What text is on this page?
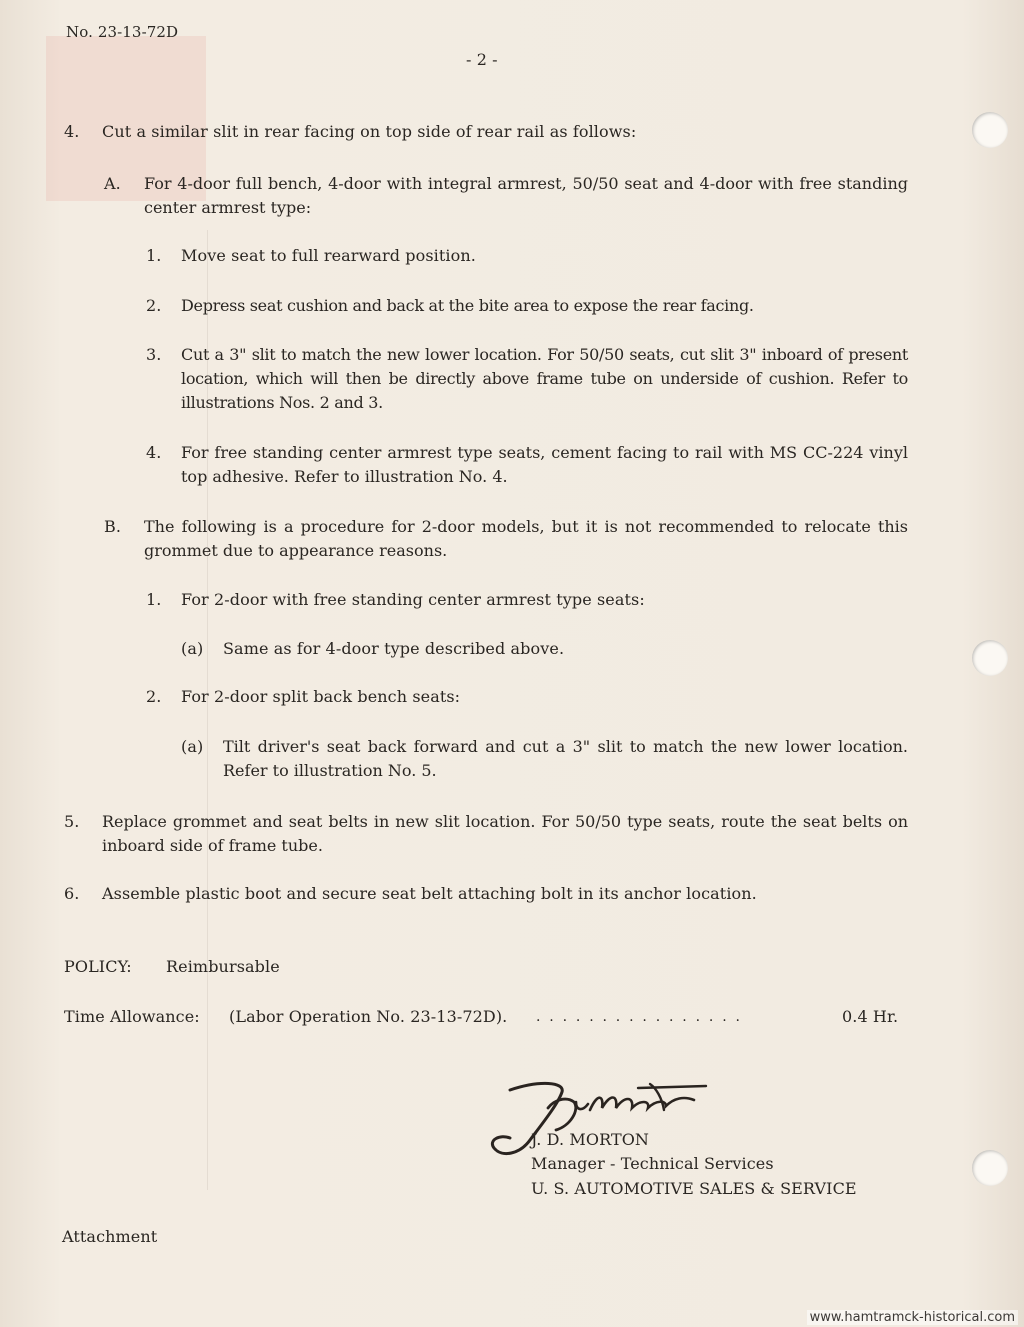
No. 23-13-72D
- 2 -
4. Cut a similar slit in rear facing on top side of rear rail as follows:
A. For 4-door full bench, 4-door with integral armrest, 50/50 seat and 4-door with free standing center armrest type:
1. Move seat to full rearward position.
2. Depress seat cushion and back at the bite area to expose the rear facing.
3. Cut a 3" slit to match the new lower location. For 50/50 seats, cut slit 3" inboard of present location, which will then be directly above frame tube on underside of cushion. Refer to illustrations Nos. 2 and 3.
4. For free standing center armrest type seats, cement facing to rail with MS CC-224 vinyl top adhesive. Refer to illustration No. 4.
B. The following is a procedure for 2-door models, but it is not recommended to relocate this grommet due to appearance reasons.
1. For 2-door with free standing center armrest type seats:
(a) Same as for 4-door type described above.
2. For 2-door split back bench seats:
(a) Tilt driver's seat back forward and cut a 3" slit to match the new lower location. Refer to illustration No. 5.
5. Replace grommet and seat belts in new slit location. For 50/50 type seats, route the seat belts on inboard side of frame tube.
6. Assemble plastic boot and secure seat belt attaching bolt in its anchor location.
POLICY: Reimbursable
Time Allowance: (Labor Operation No. 23-13-72D). . . . . . . . . . . . . . . . .	0.4 Hr.
J. D. MORTON
Manager - Technical Services
U. S. AUTOMOTIVE SALES & SERVICE
Attachment
www.hamtramck-historical.com
